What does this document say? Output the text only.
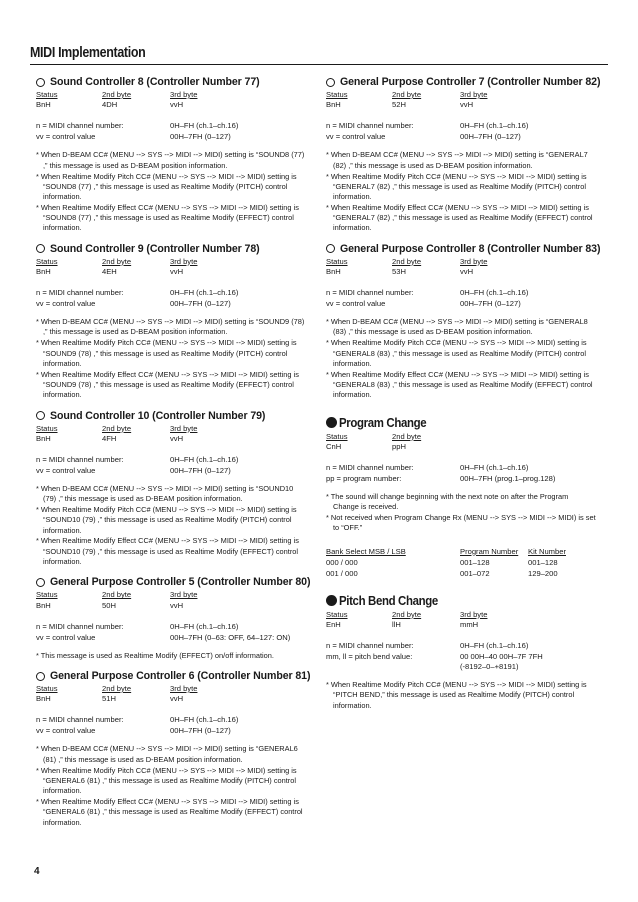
MIDI Implementation
Sound Controller 8 (Controller Number 77)
Status	2nd byte	3rd byte
BnH	4DH	vvH
n = MIDI channel number:	0H–FH (ch.1–ch.16)
vv = control value	00H–7FH (0–127)
* When D-BEAM CC# (MENU --> SYS --> MIDI --> MIDI) setting is “SOUND8 (77) ,” this message is used as D-BEAM position information.
* When Realtime Modify Pitch CC# (MENU --> SYS --> MIDI --> MIDI) setting is “SOUND8 (77) ,” this message is used as Realtime Modify (PITCH) control information.
* When Realtime Modify Effect CC# (MENU --> SYS --> MIDI --> MIDI) setting is “SOUND8 (77) ,” this message is used as Realtime Modify (EFFECT) control information.
Sound Controller 9 (Controller Number 78)
Status	2nd byte	3rd byte
BnH	4EH	vvH
n = MIDI channel number:	0H–FH (ch.1–ch.16)
vv = control value	00H–7FH (0–127)
* When D-BEAM CC# (MENU --> SYS --> MIDI --> MIDI) setting is “SOUND9 (78) ,” this message is used as D-BEAM position information.
* When Realtime Modify Pitch CC# (MENU --> SYS --> MIDI --> MIDI) setting is “SOUND9 (78) ,” this message is used as Realtime Modify (PITCH) control information.
* When Realtime Modify Effect CC# (MENU --> SYS --> MIDI --> MIDI) setting is “SOUND9 (78) ,” this message is used as Realtime Modify (EFFECT) control information.
Sound Controller 10 (Controller Number 79)
Status	2nd byte	3rd byte
BnH	4FH	vvH
n = MIDI channel number:	0H–FH (ch.1–ch.16)
vv = control value	00H–7FH (0–127)
* When D-BEAM CC# (MENU --> SYS --> MIDI --> MIDI) setting is “SOUND10 (79) ,” this message is used as D-BEAM position information.
* When Realtime Modify Pitch CC# (MENU --> SYS --> MIDI --> MIDI) setting is “SOUND10 (79) ,” this message is used as Realtime Modify (PITCH) control information.
* When Realtime Modify Effect CC# (MENU --> SYS --> MIDI --> MIDI) setting is “SOUND10 (79) ,” this message is used as Realtime Modify (EFFECT) control information.
General Purpose Controller 5 (Controller Number 80)
Status	2nd byte	3rd byte
BnH	50H	vvH
n = MIDI channel number:	0H–FH (ch.1–ch.16)
vv = control value	00H–7FH (0–63: OFF, 64–127: ON)
* This message is used as Realtime Modify (EFFECT) on/off information.
General Purpose Controller 6 (Controller Number 81)
Status	2nd byte	3rd byte
BnH	51H	vvH
n = MIDI channel number:	0H–FH (ch.1–ch.16)
vv = control value	00H–7FH (0–127)
* When D-BEAM CC# (MENU --> SYS --> MIDI --> MIDI) setting is “GENERAL6 (81) ,” this message is used as D-BEAM position information.
* When Realtime Modify Pitch CC# (MENU --> SYS --> MIDI --> MIDI) setting is “GENERAL6 (81) ,” this message is used as Realtime Modify (PITCH) control information.
* When Realtime Modify Effect CC# (MENU --> SYS --> MIDI --> MIDI) setting is “GENERAL6 (81) ,” this message is used as Realtime Modify (EFFECT) control information.
General Purpose Controller 7 (Controller Number 82)
Status	2nd byte	3rd byte
BnH	52H	vvH
n = MIDI channel number:	0H–FH (ch.1–ch.16)
vv = control value	00H–7FH (0–127)
* When D-BEAM CC# (MENU --> SYS --> MIDI --> MIDI) setting is “GENERAL7 (82) ,” this message is used as D-BEAM position information.
* When Realtime Modify Pitch CC# (MENU --> SYS --> MIDI --> MIDI) setting is “GENERAL7 (82) ,” this message is used as Realtime Modify (PITCH) control information.
* When Realtime Modify Effect CC# (MENU --> SYS --> MIDI --> MIDI) setting is “GENERAL7 (82) ,” this message is used as Realtime Modify (EFFECT) control information.
General Purpose Controller 8 (Controller Number 83)
Status	2nd byte	3rd byte
BnH	53H	vvH
n = MIDI channel number:	0H–FH (ch.1–ch.16)
vv = control value	00H–7FH (0–127)
* When D-BEAM CC# (MENU --> SYS --> MIDI --> MIDI) setting is “GENERAL8 (83) ,” this message is used as D-BEAM position information.
* When Realtime Modify Pitch CC# (MENU --> SYS --> MIDI --> MIDI) setting is “GENERAL8 (83) ,” this message is used as Realtime Modify (PITCH) control information.
* When Realtime Modify Effect CC# (MENU --> SYS --> MIDI --> MIDI) setting is “GENERAL8 (83) ,” this message is used as Realtime Modify (EFFECT) control information.
Program Change
Status	2nd byte
CnH	ppH
n = MIDI channel number:	0H–FH (ch.1–ch.16)
pp = program number:	00H–7FH (prog.1–prog.128)
* The sound will change beginning with the next note on after the Program Change is received.
* Not received when Program Change Rx (MENU --> SYS --> MIDI --> MIDI) is set to “OFF.”
Bank Select MSB / LSB	Program Number	Kit Number
000 / 000	001–128	001–128
001 / 000	001–072	129–200
Pitch Bend Change
Status	2nd byte	3rd byte
EnH	llH	mmH
n = MIDI channel number:	0H–FH (ch.1–ch.16)
mm, ll = pitch bend value:	00 00H–40 00H–7F 7FH
(-8192–0–+8191)
* When Realtime Modify Pitch CC# (MENU --> SYS --> MIDI --> MIDI) setting is “PITCH BEND,” this message is used as Realtime Modify (PITCH) control information.
4
